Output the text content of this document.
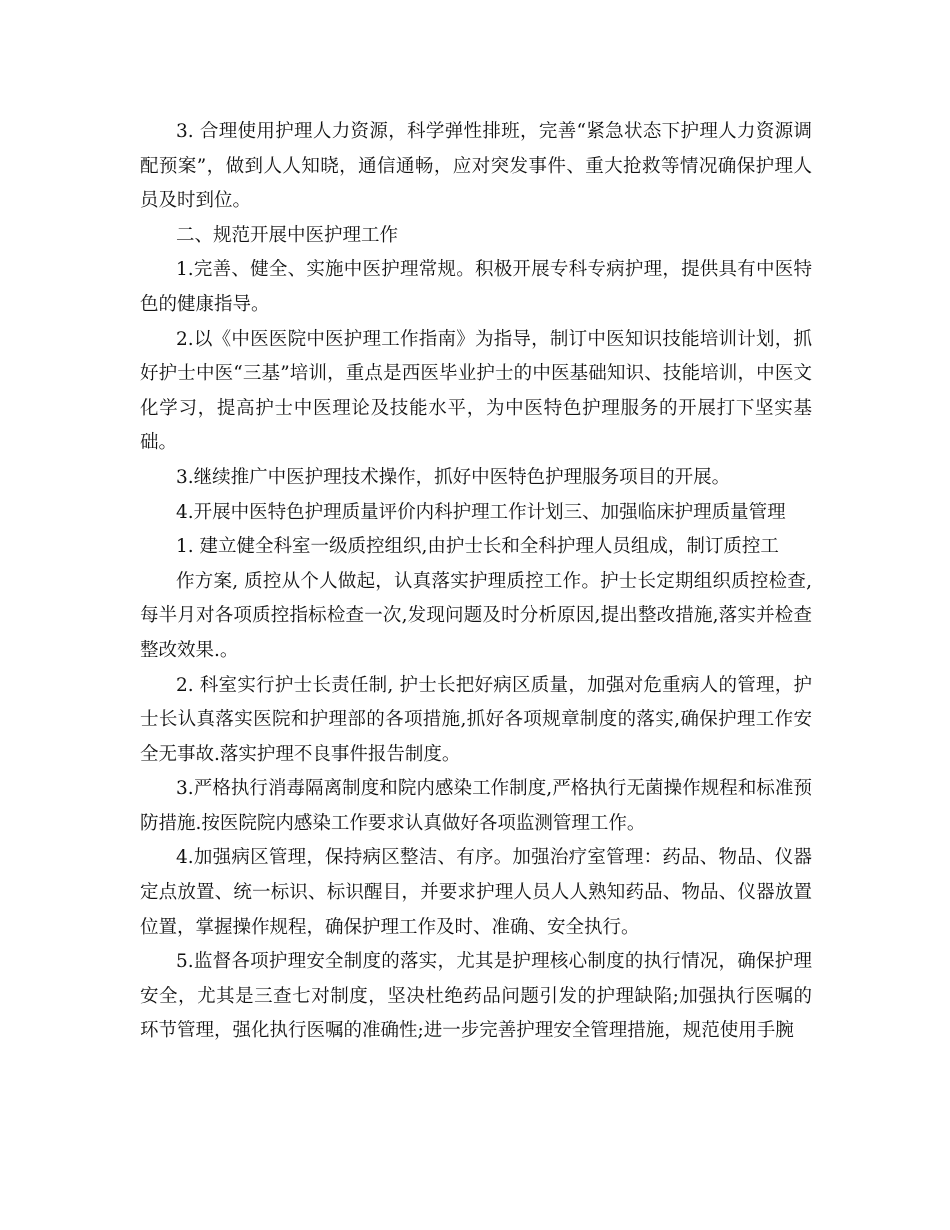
3. 合理使用护理人力资源，科学弹性排班，完善“紧急状态下护理人力资源调配预案”，做到人人知晓，通信通畅，应对突发事件、重大抢救等情况确保护理人员及时到位。

二、规范开展中医护理工作

1.完善、健全、实施中医护理常规。积极开展专科专病护理，提供具有中医特色的健康指导。

2.以《中医医院中医护理工作指南》为指导，制订中医知识技能培训计划，抓好护士中医“三基”培训，重点是西医毕业护士的中医基础知识、技能培训，中医文化学习，提高护士中医理论及技能水平，为中医特色护理服务的开展打下坚实基础。

3.继续推广中医护理技术操作，抓好中医特色护理服务项目的开展。

4.开展中医特色护理质量评价内科护理工作计划三、加强临床护理质量管理

1. 建立健全科室一级质控组织,由护士长和全科护理人员组成，制订质控工

作方案, 质控从个人做起，认真落实护理质控工作。护士长定期组织质控检查,每半月对各项质控指标检查一次,发现问题及时分析原因,提出整改措施,落实并检查整改效果.。

2. 科室实行护士长责任制, 护士长把好病区质量，加强对危重病人的管理，护士长认真落实医院和护理部的各项措施,抓好各项规章制度的落实,确保护理工作安全无事故.落实护理不良事件报告制度。

3.严格执行消毒隔离制度和院内感染工作制度,严格执行无菌操作规程和标准预防措施.按医院院内感染工作要求认真做好各项监测管理工作。

4.加强病区管理，保持病区整洁、有序。加强治疗室管理：药品、物品、仪器定点放置、统一标识、标识醒目，并要求护理人员人人熟知药品、物品、仪器放置位置，掌握操作规程，确保护理工作及时、准确、安全执行。

5.监督各项护理安全制度的落实，尤其是护理核心制度的执行情况，确保护理安全，尤其是三查七对制度，坚决杜绝药品问题引发的护理缺陷;加强执行医嘱的环节管理，强化执行医嘱的准确性;进一步完善护理安全管理措施，规范使用手腕
